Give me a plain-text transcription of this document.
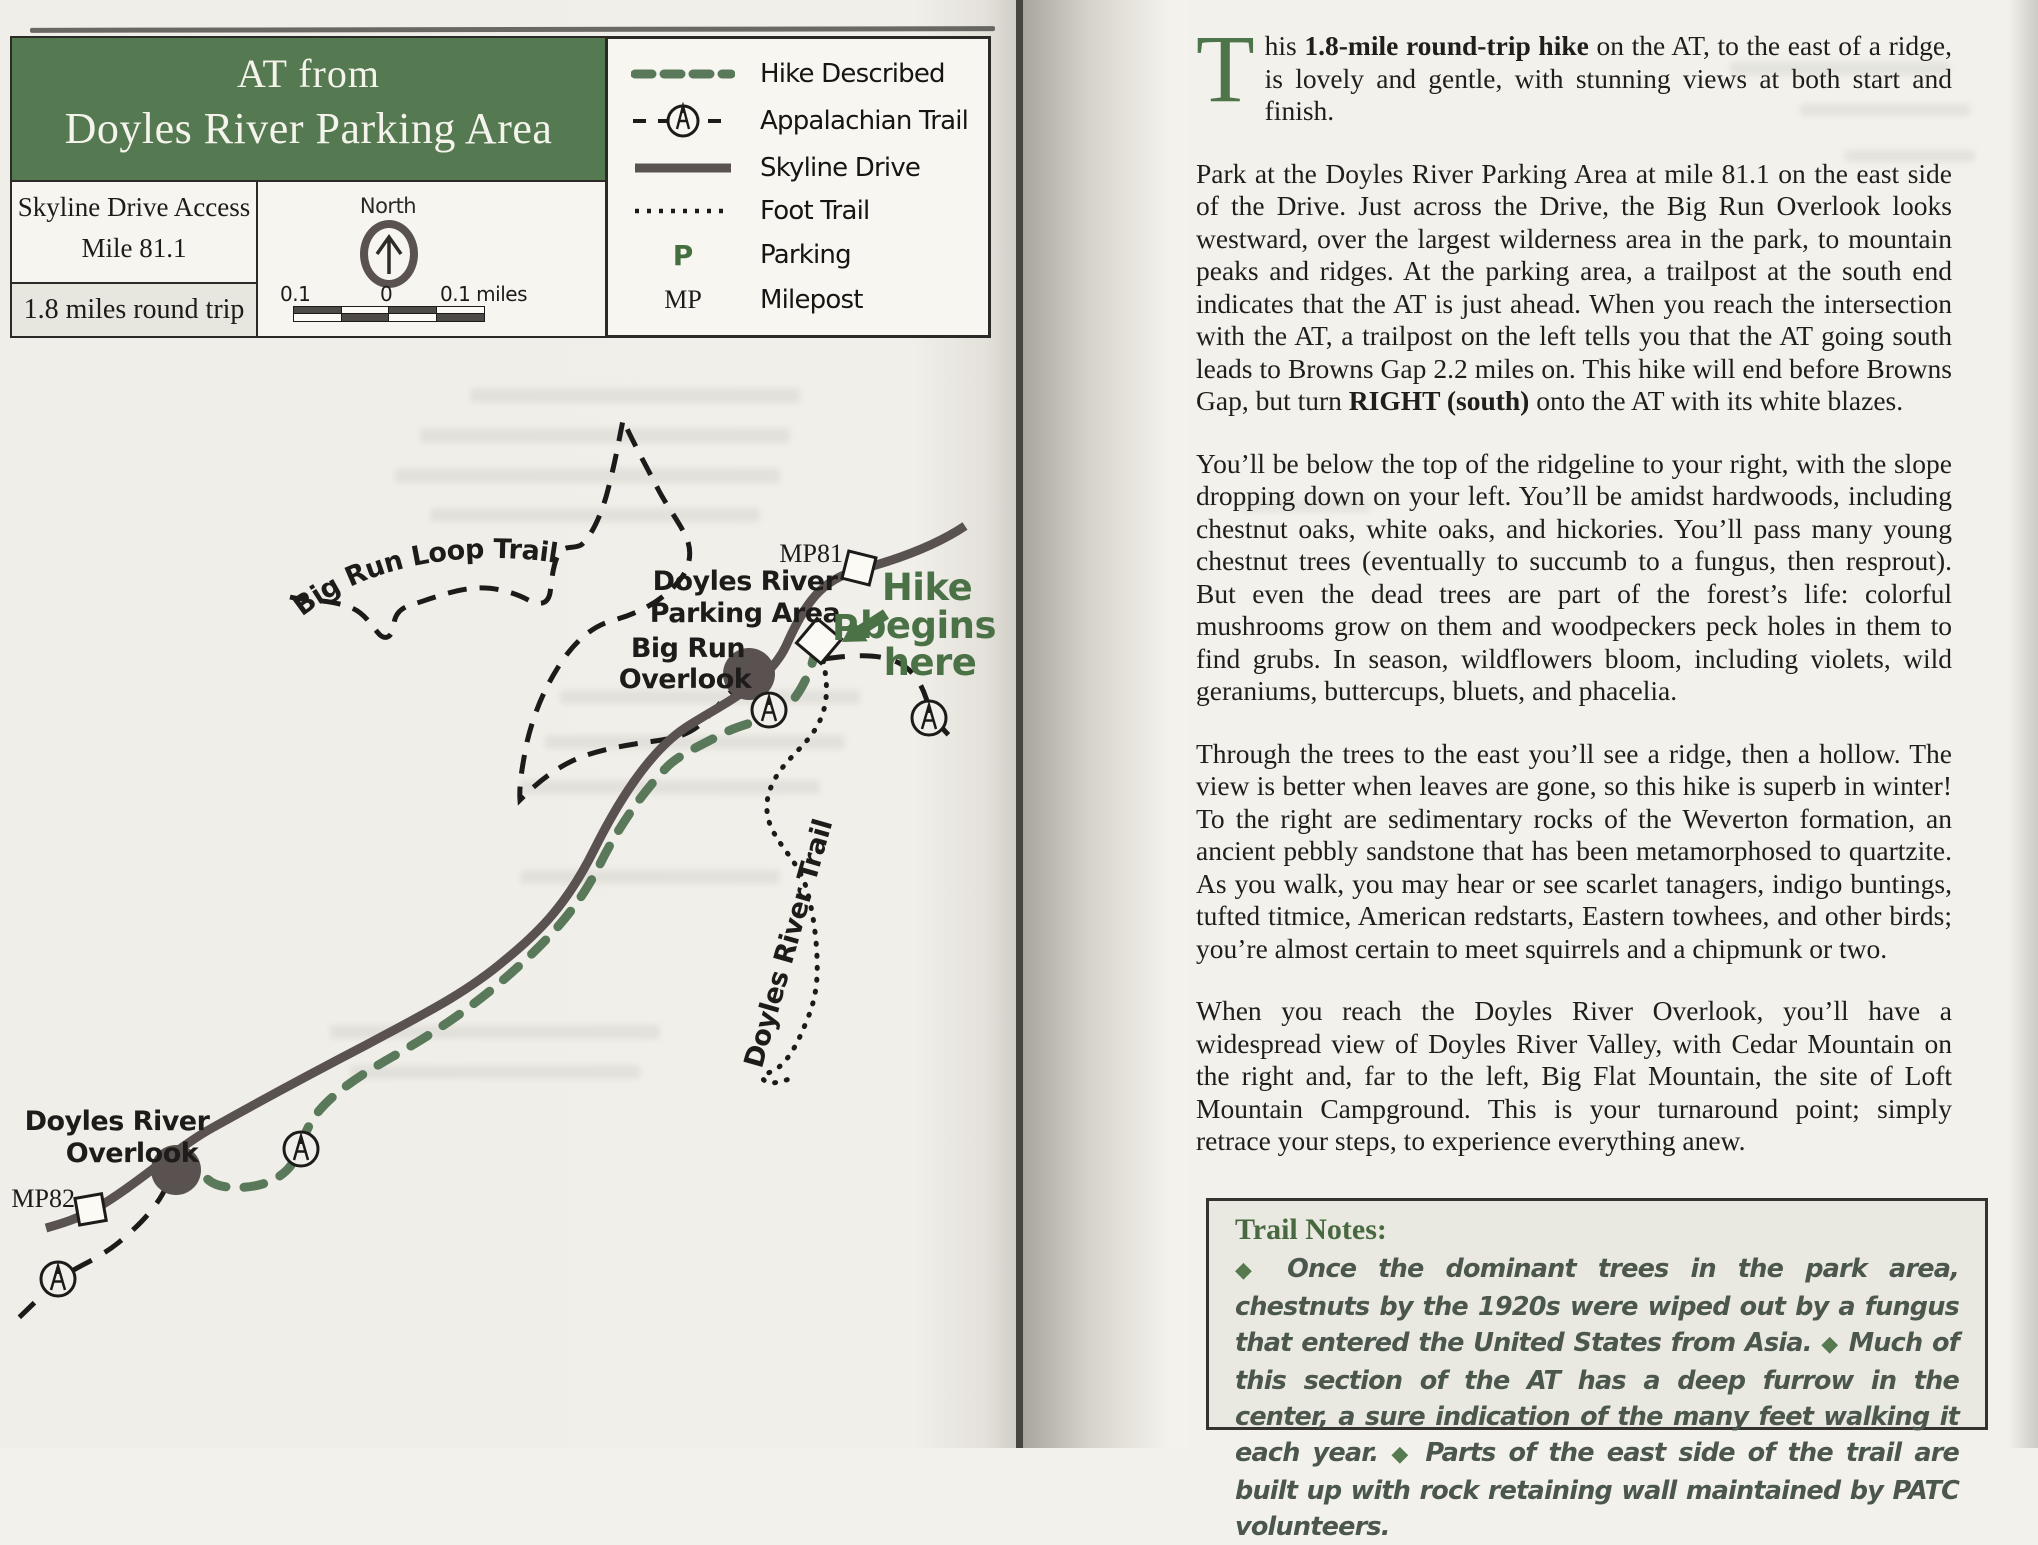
AT from
Doyles River Parking Area
Skyline Drive Access
Mile 81.1
1.8 miles round trip
North
0.1	0 0.1 miles
Hike Described
Appalachian Trail
Skyline Drive
Foot Trail
P	Parking
MP Milepost
Big Run Loop Trail	MP81
MP82
Doyles River
Parking Area
Big Run
Overlook
P
Hike
begins
here
Doyles River Trail
Doyles River
Overlook

This 1.8-mile round-trip hike on the AT, to the east of a ridge, is lovely and gentle, with stunning views at both start and finish.

Park at the Doyles River Parking Area at mile 81.1 on the east side of the Drive. Just across the Drive, the Big Run Overlook looks westward, over the largest wilderness area in the park, to mountain peaks and ridges. At the parking area, a trailpost at the south end indicates that the AT is just ahead. When you reach the intersection with the AT, a trailpost on the left tells you that the AT going south leads to Browns Gap 2.2 miles on. This hike will end before Browns Gap, but turn RIGHT (south) onto the AT with its white blazes.

You’ll be below the top of the ridgeline to your right, with the slope dropping down on your left. You’ll be amidst hardwoods, including chestnut oaks, white oaks, and hickories. You’ll pass many young chestnut trees (eventually to succumb to a fungus, then resprout). But even the dead trees are part of the forest’s life: colorful mushrooms grow on them and woodpeckers peck holes in them to find grubs. In season, wildflowers bloom, including violets, wild geraniums, buttercups, bluets, and phacelia.

Through the trees to the east you’ll see a ridge, then a hollow. The view is better when leaves are gone, so this hike is superb in winter! To the right are sedimentary rocks of the Weverton formation, an ancient pebbly sandstone that has been metamorphosed to quartzite. As you walk, you may hear or see scarlet tanagers, indigo buntings, tufted titmice, American redstarts, Eastern towhees, and other birds; you’re almost certain to meet squirrels and a chipmunk or two.

When you reach the Doyles River Overlook, you’ll have a widespread view of Doyles River Valley, with Cedar Mountain on the right and, far to the left, Big Flat Mountain, the site of Loft Mountain Campground. This is your turnaround point; simply retrace your steps, to experience everything anew.

Trail Notes:

◆ Once the dominant trees in the park area, chestnuts by the 1920s were wiped out by a fungus that entered the United States from Asia. ◆ Much of this section of the AT has a deep furrow in the center, a sure indication of the many feet walking it each year. ◆ Parts of the east side of the trail are built up with rock retaining wall maintained by PATC volunteers.
